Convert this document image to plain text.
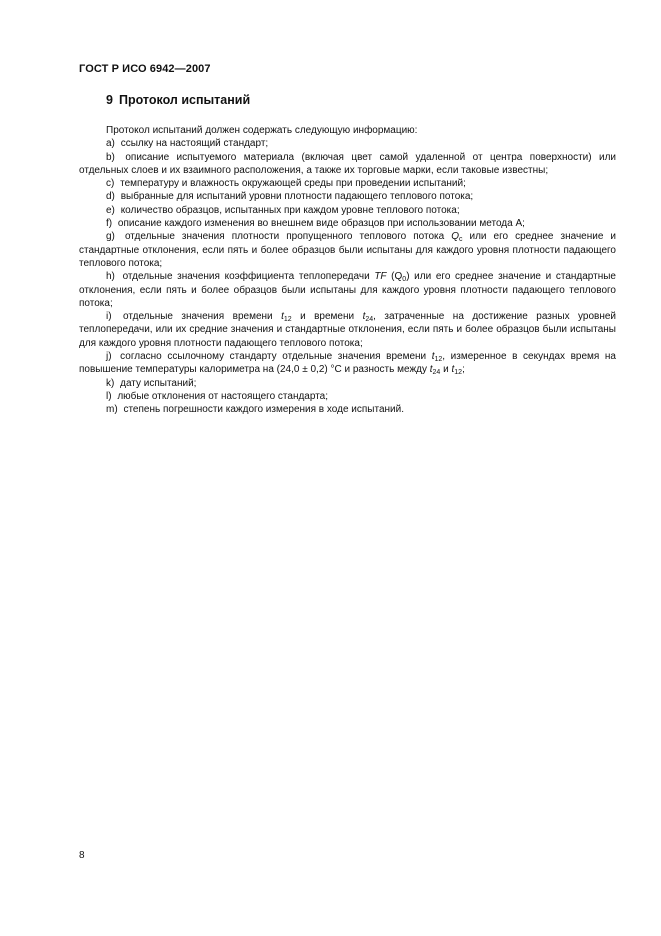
ГОСТ Р ИСО 6942—2007
9 Протокол испытаний

Протокол испытаний должен содержать следующую информацию:

a) ссылку на настоящий стандарт;

b) описание испытуемого материала (включая цвет самой удаленной от центра поверхности) или отдельных слоев и их взаимного расположения, а также их торговые марки, если таковые известны;

c) температуру и влажность окружающей среды при проведении испытаний;

d) выбранные для испытаний уровни плотности падающего теплового потока;

e) количество образцов, испытанных при каждом уровне теплового потока;

f) описание каждого изменения во внешнем виде образцов при использовании метода А;

g) отдельные значения плотности пропущенного теплового потока $Q_c$ или его среднее значение и стандартные отклонения, если пять и более образцов были испытаны для каждого уровня плотности падающего теплового потока;

h) отдельные значения коэффициента теплопередачи TF $(Q_0)$ или его среднее значение и стандартные отклонения, если пять и более образцов были испытаны для каждого уровня плотности падающего теплового потока;

i) отдельные значения времени $t_{12}$ и времени $t_{24}$, затраченные на достижение разных уровней теплопередачи, или их средние значения и стандартные отклонения, если пять и более образцов были испытаны для каждого уровня плотности падающего теплового потока;

j) согласно ссылочному стандарту отдельные значения времени $t_{12}$, измеренное в секундах время на повышение температуры калориметра на (24,0 ± 0,2) °С и разность между $t_{24}$ и $t_{12}$;

k) дату испытаний;

l) любые отклонения от настоящего стандарта;

m) степень погрешности каждого измерения в ходе испытаний.

8
